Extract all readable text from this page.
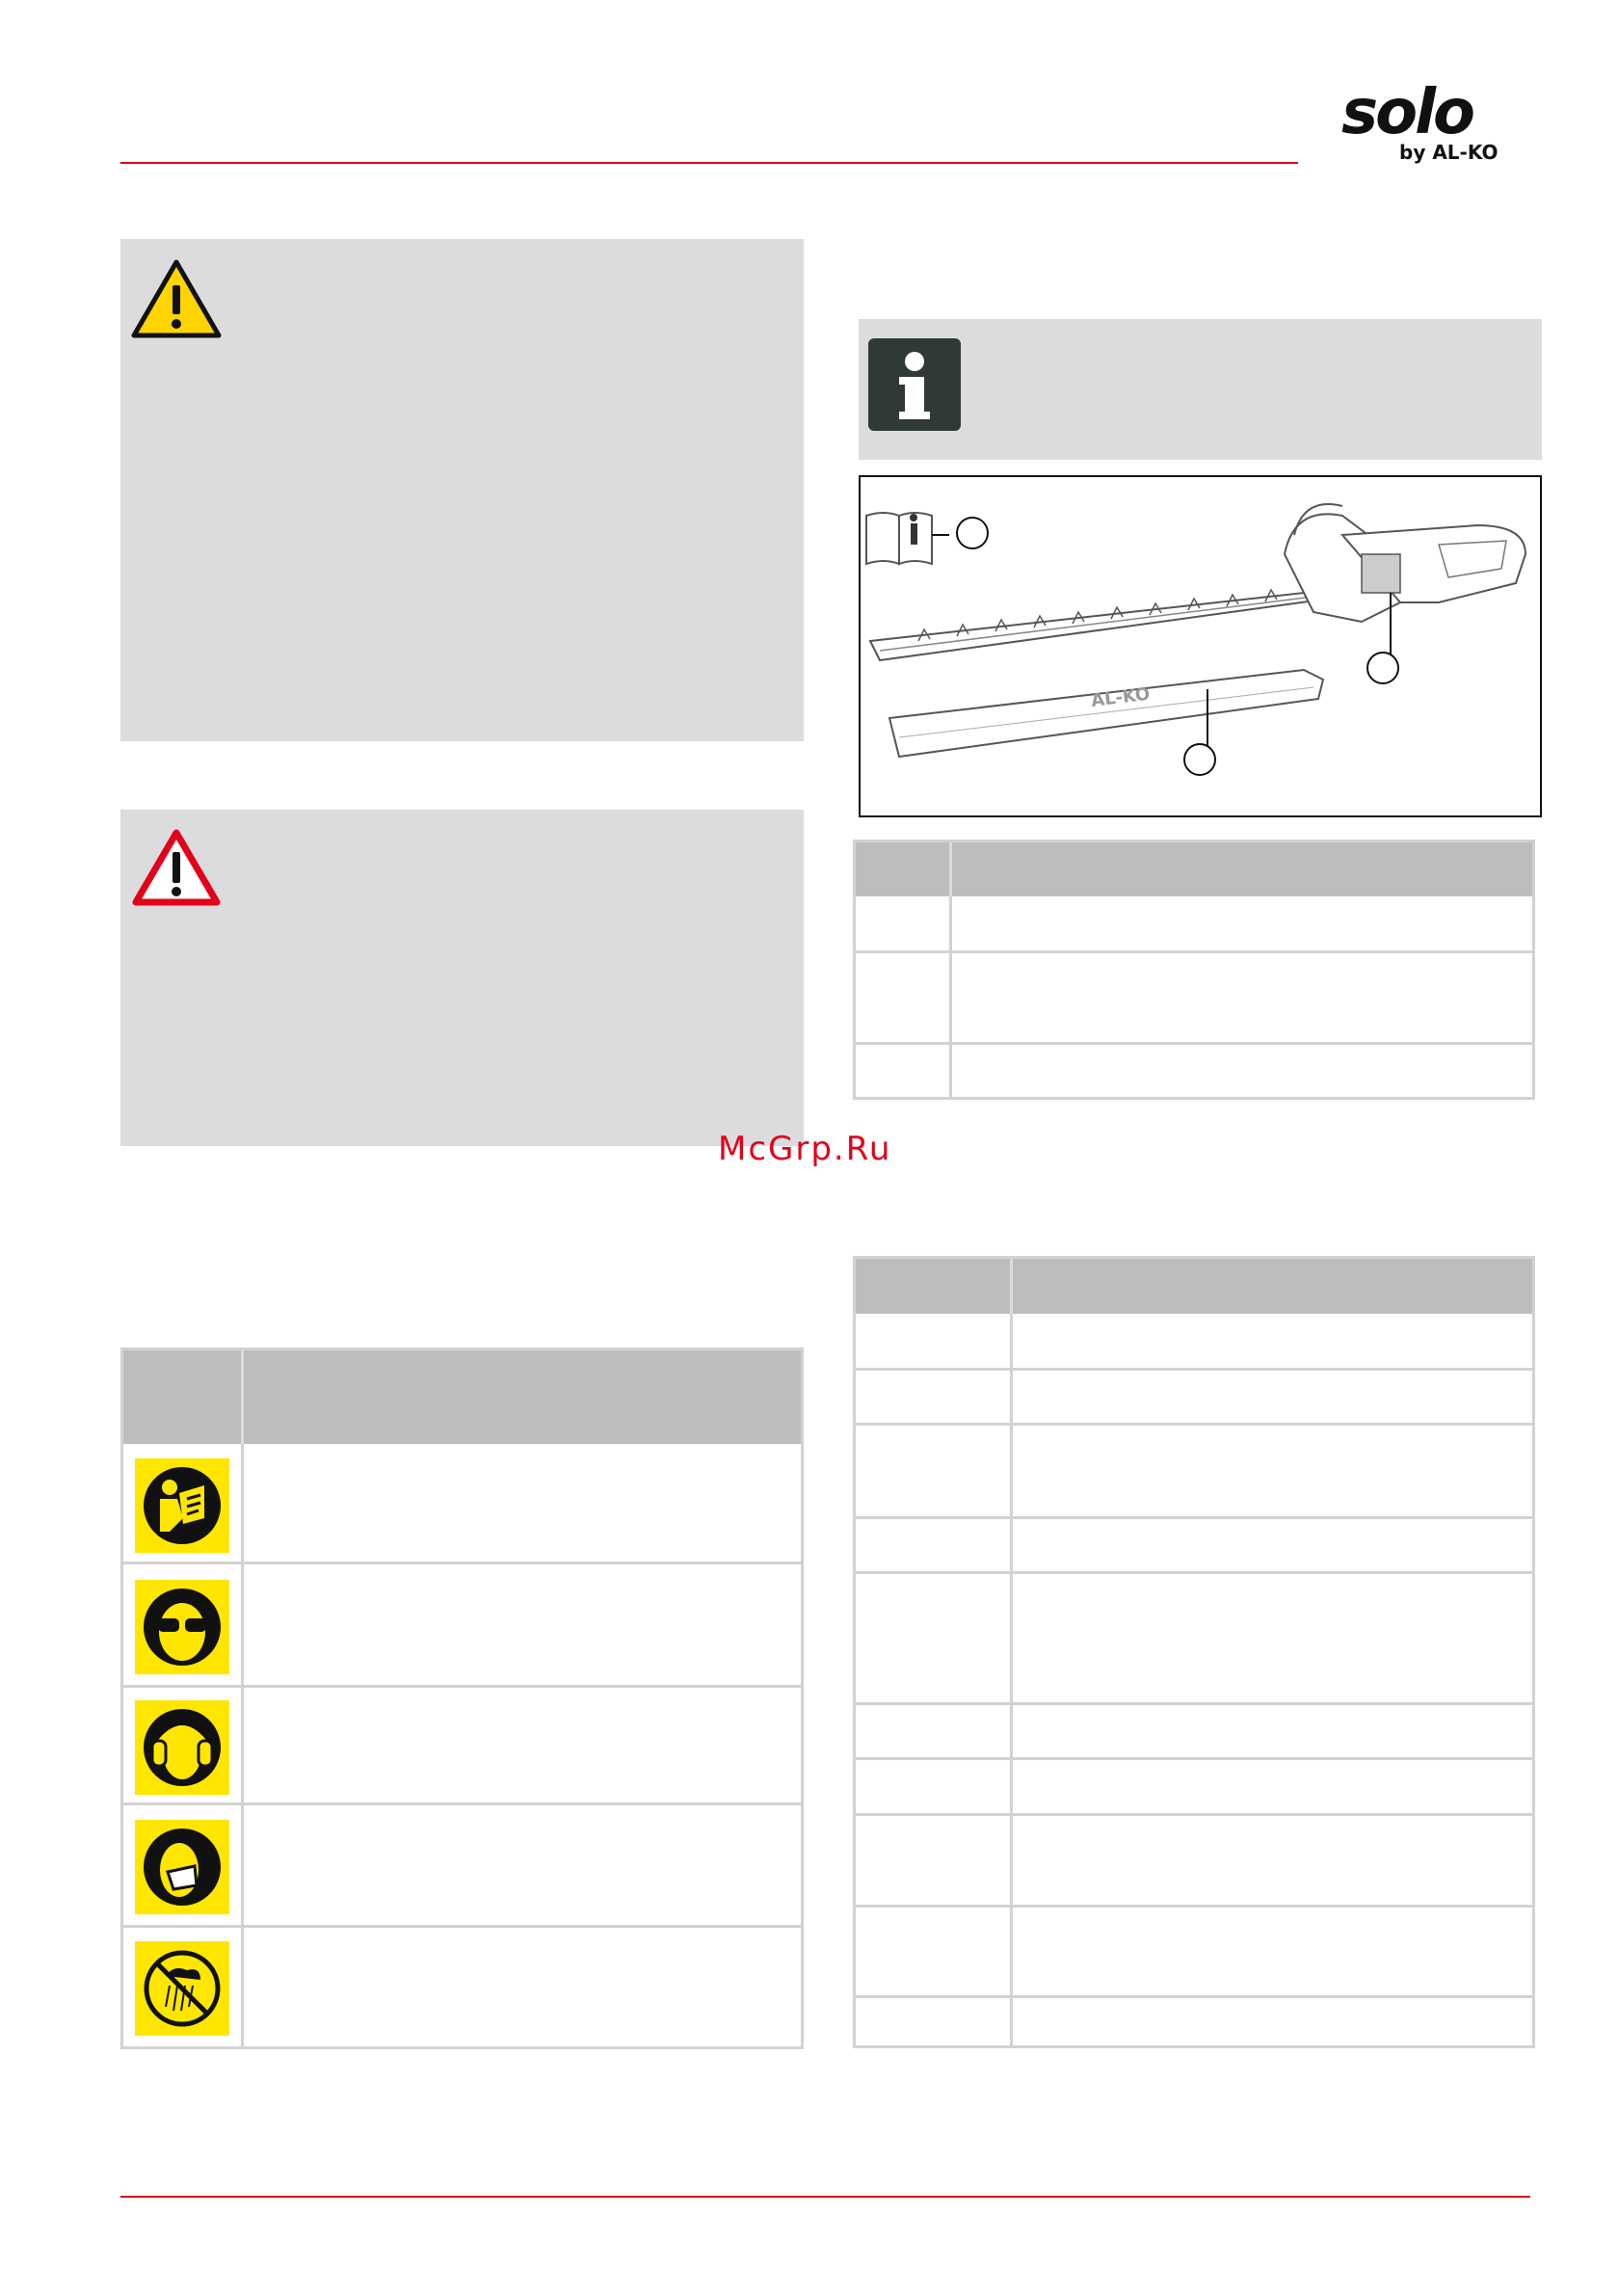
solo
by AL-KO
AL-KO
McGrp.Ru
